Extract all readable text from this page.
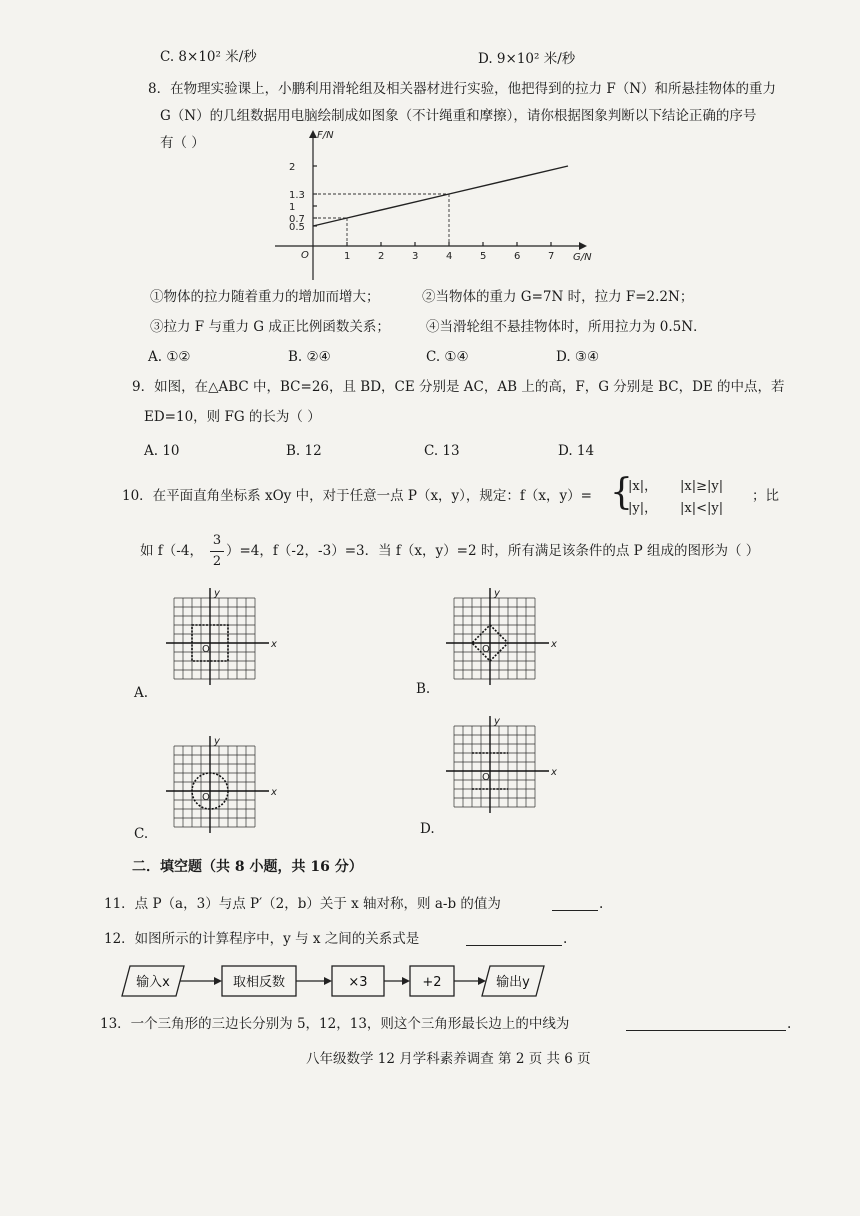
C. 8×10² 米/秒	D. 9×10² 米/秒
8．在物理实验课上，小鹏利用滑轮组及相关器材进行实验，他把得到的拉力 F（N）和所悬挂物体的重力
G（N）的几组数据用电脑绘制成如图象（不计绳重和摩擦），请你根据图象判断以下结论正确的序号
有（ ）	F/N
G/N
O	1	2	3	4	5	6	7
0.5
0.7
1
1.3
2
①物体的拉力随着重力的增加而增大；	②当物体的重力 G=7N 时，拉力 F=2.2N；
③拉力 F 与重力 G 成正比例函数关系；	④当滑轮组不悬挂物体时，所用拉力为 0.5N．
A. ①②	B. ②④	C. ①④	D. ③④
9．如图，在△ABC 中，BC=26，且 BD，CE 分别是 AC，AB 上的高，F，G 分别是 BC，DE 的中点，若
ED=10，则 FG 的长为（ ）
A. 10	B. 12	C. 13	D. 14
10．在平面直角坐标系 xOy 中，对于任意一点 P（x，y），规定：f（x，y）= {
|x|， |x|≥|y|
|y|， |x|<|y|
；比
如 f（-4，
3
2
）=4，f（-2，-3）=3．当 f（x，y）=2 时，所有满足该条件的点 P 组成的图形为（ ）
y
x
O
A.
y
x
O
B.
y
x
O
C.
y
x
O
D.
二．填空题（共 8 小题，共 16 分）
11．点 P（a，3）与点 P′（2，b）关于 x 轴对称，则 a-b 的值为	.
12．如图所示的计算程序中，y 与 x 之间的关系式是	.
输入x	取相反数	×3	+2	输出y
13．一个三角形的三边长分别为 5，12，13，则这个三角形最长边上的中线为	.
八年级数学 12 月学科素养调查 第 2 页 共 6 页
